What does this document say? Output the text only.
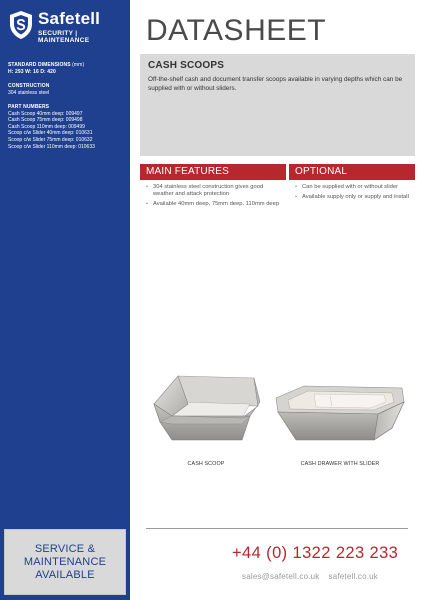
Safetell
SECURITY | MAINTENANCE
STANDARD DIMENSIONS (mm)
H: 293 W: 16 D: 420
CONSTRUCTION
304 stainless steel
PART NUMBERS
Cash Scoop 40mm deep: 009497
Cash Scoop 75mm deep: 009498
Cash Scoop 110mm deep: 009499
Scoop c/w Slider 40mm deep: 010631
Scoop c/w Slider 75mm deep: 010632
Scoop c/w Slider 110mm deep: 010633
SERVICE &
MAINTENANCE
AVAILABLE
DATASHEET
CASH SCOOPS
Off-the-shelf cash and document transfer scoops available in varying depths which can be supplied with or without sliders.
MAIN FEATURES	OPTIONAL
• 304 stainless steel construction gives good weather and attack protection
• Available 40mm deep, 75mm deep, 110mm deep
• Can be supplied with or without slider
• Available supply only or supply and install
CASH SCOOP	CASH DRAWER WITH SLIDER
+44 (0) 1322 223 233
sales@safetell.co.uk safetell.co.uk
